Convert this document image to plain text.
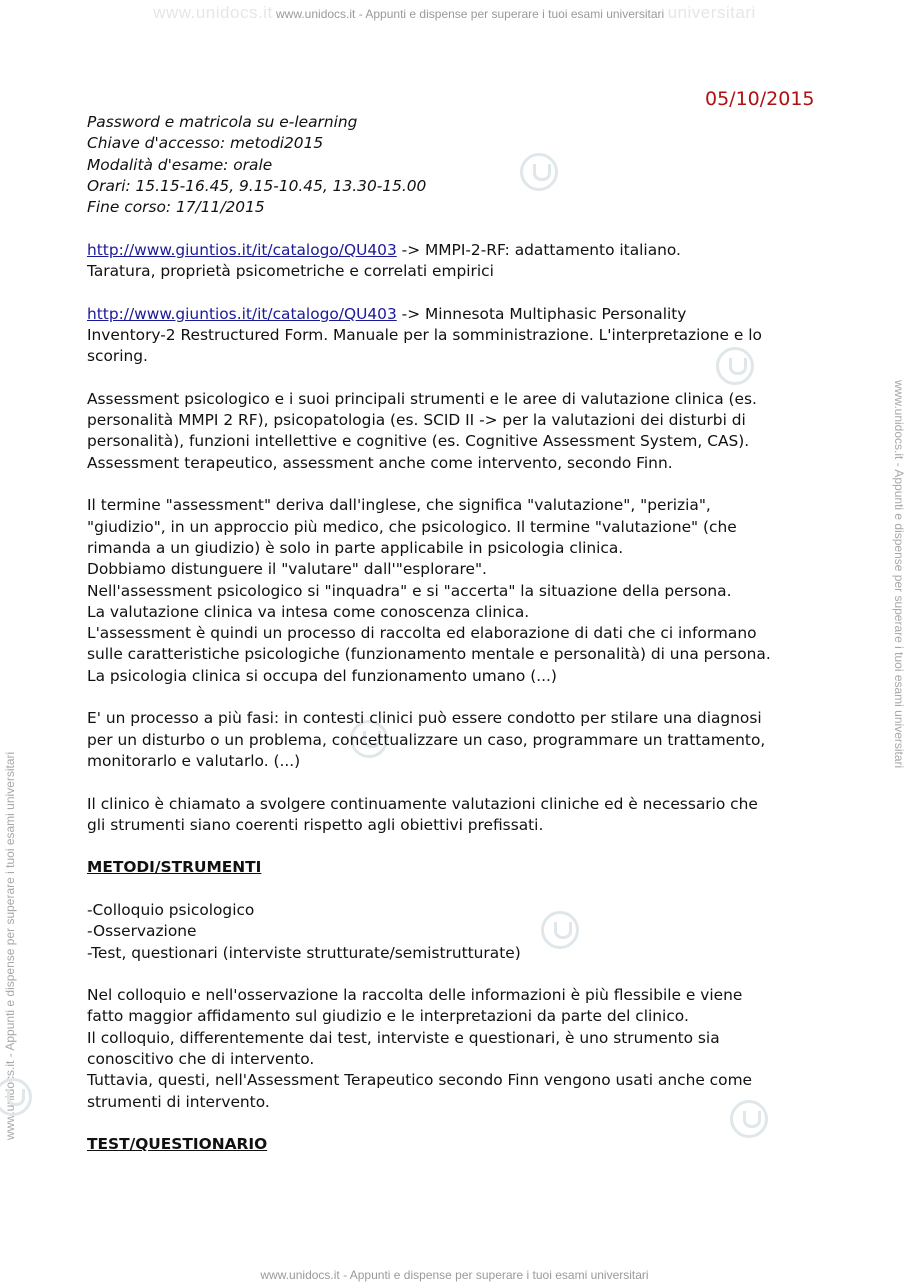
www.unidocs.it www.unidocs.it - Appunti e dispense per superare i tuoi esami universitari universitari
www.unidocs.it - Appunti e dispense per superare i tuoi esami universitari
www.unidocs.it - Appunti e dispense per superare i tuoi esami universitari
www.unidocs.it - Appunti e dispense per superare i tuoi esami universitari
05/10/2015
Password e matricola su e-learning
Chiave d'accesso: metodi2015
Modalità d'esame: orale
Orari: 15.15-16.45, 9.15-10.45, 13.30-15.00
Fine corso: 17/11/2015
http://www.giuntios.it/it/catalogo/QU403 -> MMPI-2-RF: adattamento italiano.
Taratura, proprietà psicometriche e correlati empirici
http://www.giuntios.it/it/catalogo/QU403 -> Minnesota Multiphasic Personality
Inventory-2 Restructured Form. Manuale per la somministrazione. L'interpretazione e lo
scoring.
Assessment psicologico e i suoi principali strumenti e le aree di valutazione clinica (es.
personalità MMPI 2 RF), psicopatologia (es. SCID II -> per la valutazioni dei disturbi di
personalità), funzioni intellettive e cognitive (es. Cognitive Assessment System, CAS).
Assessment terapeutico, assessment anche come intervento, secondo Finn.
Il termine "assessment" deriva dall'inglese, che significa "valutazione", "perizia",
"giudizio", in un approccio più medico, che psicologico. Il termine "valutazione" (che
rimanda a un giudizio) è solo in parte applicabile in psicologia clinica.
Dobbiamo distunguere il "valutare" dall'"esplorare".
Nell'assessment psicologico si "inquadra" e si "accerta" la situazione della persona.
La valutazione clinica va intesa come conoscenza clinica.
L'assessment è quindi un processo di raccolta ed elaborazione di dati che ci informano
sulle caratteristiche psicologiche (funzionamento mentale e personalità) di una persona.
La psicologia clinica si occupa del funzionamento umano (...)
E' un processo a più fasi: in contesti clinici può essere condotto per stilare una diagnosi
per un disturbo o un problema, concettualizzare un caso, programmare un trattamento,
monitorarlo e valutarlo. (...)
Il clinico è chiamato a svolgere continuamente valutazioni cliniche ed è necessario che
gli strumenti siano coerenti rispetto agli obiettivi prefissati.
METODI/STRUMENTI
-Colloquio psicologico
-Osservazione
-Test, questionari (interviste strutturate/semistrutturate)
Nel colloquio e nell'osservazione la raccolta delle informazioni è più flessibile e viene
fatto maggior affidamento sul giudizio e le interpretazioni da parte del clinico.
Il colloquio, differentemente dai test, interviste e questionari, è uno strumento sia
conoscitivo che di intervento.
Tuttavia, questi, nell'Assessment Terapeutico secondo Finn vengono usati anche come
strumenti di intervento.
TEST/QUESTIONARIO
